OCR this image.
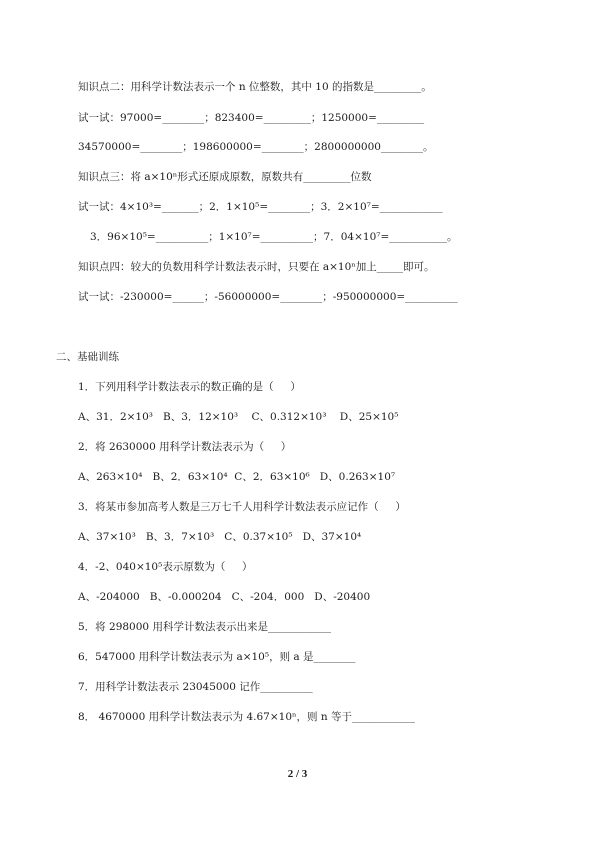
知识点二：用科学计数法表示一个 n 位整数，其中 10 的指数是_________。
试一试：97000=________；823400=_________；1250000=_________
34570000=________；198600000=________；2800000000________。
知识点三：将 a×10ⁿ形式还原成原数，原数共有_________位数
试一试：4×10³=_______；2．1×10⁵=________；3．2×10⁷=____________
3．96×10⁵=__________；1×10⁷=__________；7．04×10⁷=___________。
知识点四：较大的负数用科学计数法表示时，只要在 a×10ⁿ加上_____即可。
试一试：-230000=______；-56000000=________；-950000000=__________
二、基础训练
1．下列用科学计数法表示的数正确的是（     ）
A、31．2×10³   B、3．12×10³    C、0.312×10³    D、25×10⁵
2．将 2630000 用科学计数法表示为（     ）
A、263×10⁴   B、2．63×10⁴  C、2．63×10⁶   D、0.263×10⁷
3．将某市参加高考人数是三万七千人用科学计数法表示应记作（     ）
A、37×10³   B、3．7×10³   C、0.37×10⁵   D、37×10⁴
4．-2、040×10⁵表示原数为（     ）
A、-204000   B、-0.000204   C、-204．000   D、-20400
5．将 298000 用科学计数法表示出来是____________
6．547000 用科学计数法表示为 a×10⁵，则 a 是________
7．用科学计数法表示 23045000 记作__________
8． 4670000 用科学计数法表示为 4.67×10ⁿ，则 n 等于____________
2 / 3
